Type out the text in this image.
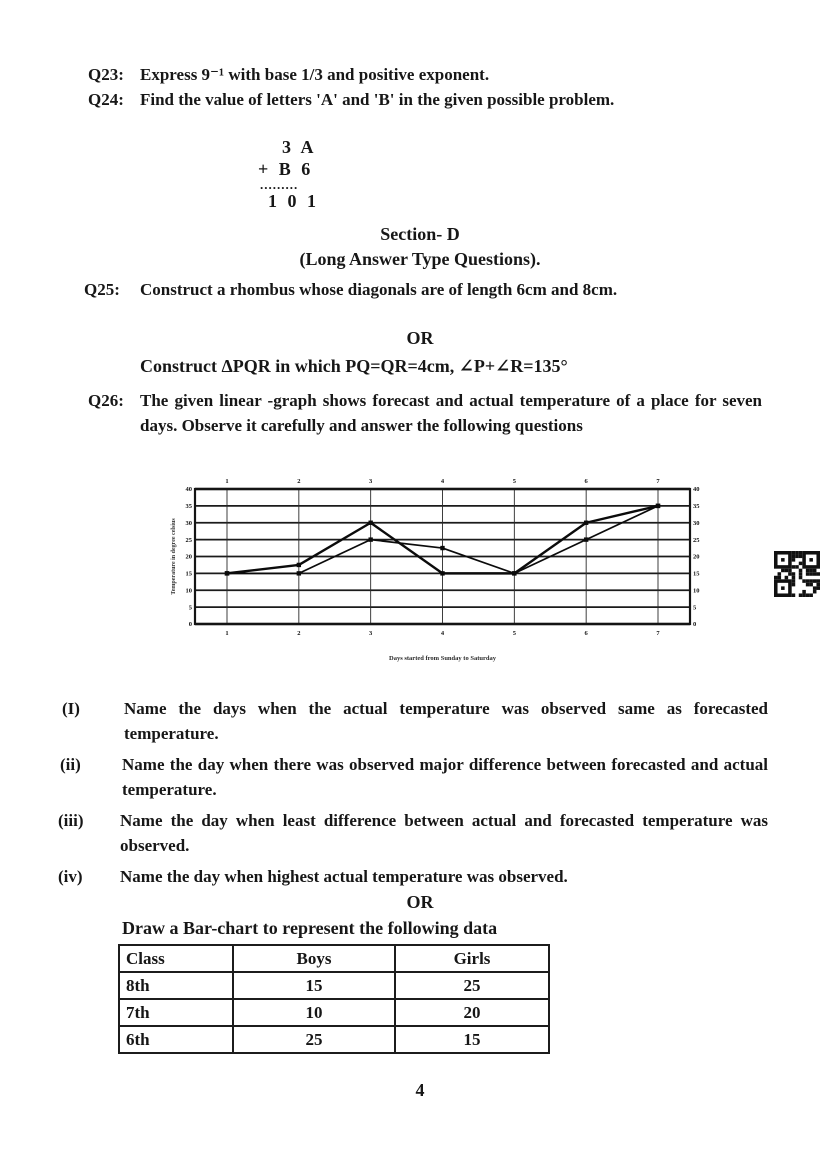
Q23: Express 9⁻¹ with base 1/3 and positive exponent.
Q24: Find the value of letters 'A' and 'B' in the given possible problem.
3 A
+ B 6
.........
1 0 1
Section- D
(Long Answer Type Questions).
Q25:	Construct a rhombus whose diagonals are of length 6cm and 8cm.
OR
Construct ΔPQR in which PQ=QR=4cm, ∠P+∠R=135°
Q26: The given linear -graph shows forecast and actual temperature of a place for seven days. Observe it carefully and answer the following questions
0	0
5	5
10	10
15	15
20	20
25	25
30	30
35	35
40	40
1
1
2
2
3
3
4
4
5
5
6
6
7
7
Days started from Sunday to Saturday
Temperature in degree celsius
(I)	Name the days when the actual temperature was observed same as forecasted temperature.
(ii)	Name the day when there was observed major difference between forecasted and actual temperature.
(iii)	Name the day when least difference between actual and forecasted temperature was observed.
(iv)	Name the day when highest actual temperature was observed.
OR
Draw a Bar-chart to represent the following data
Class	Boys	Girls
8th	15	25
7th	10	20
6th	25	15
4
